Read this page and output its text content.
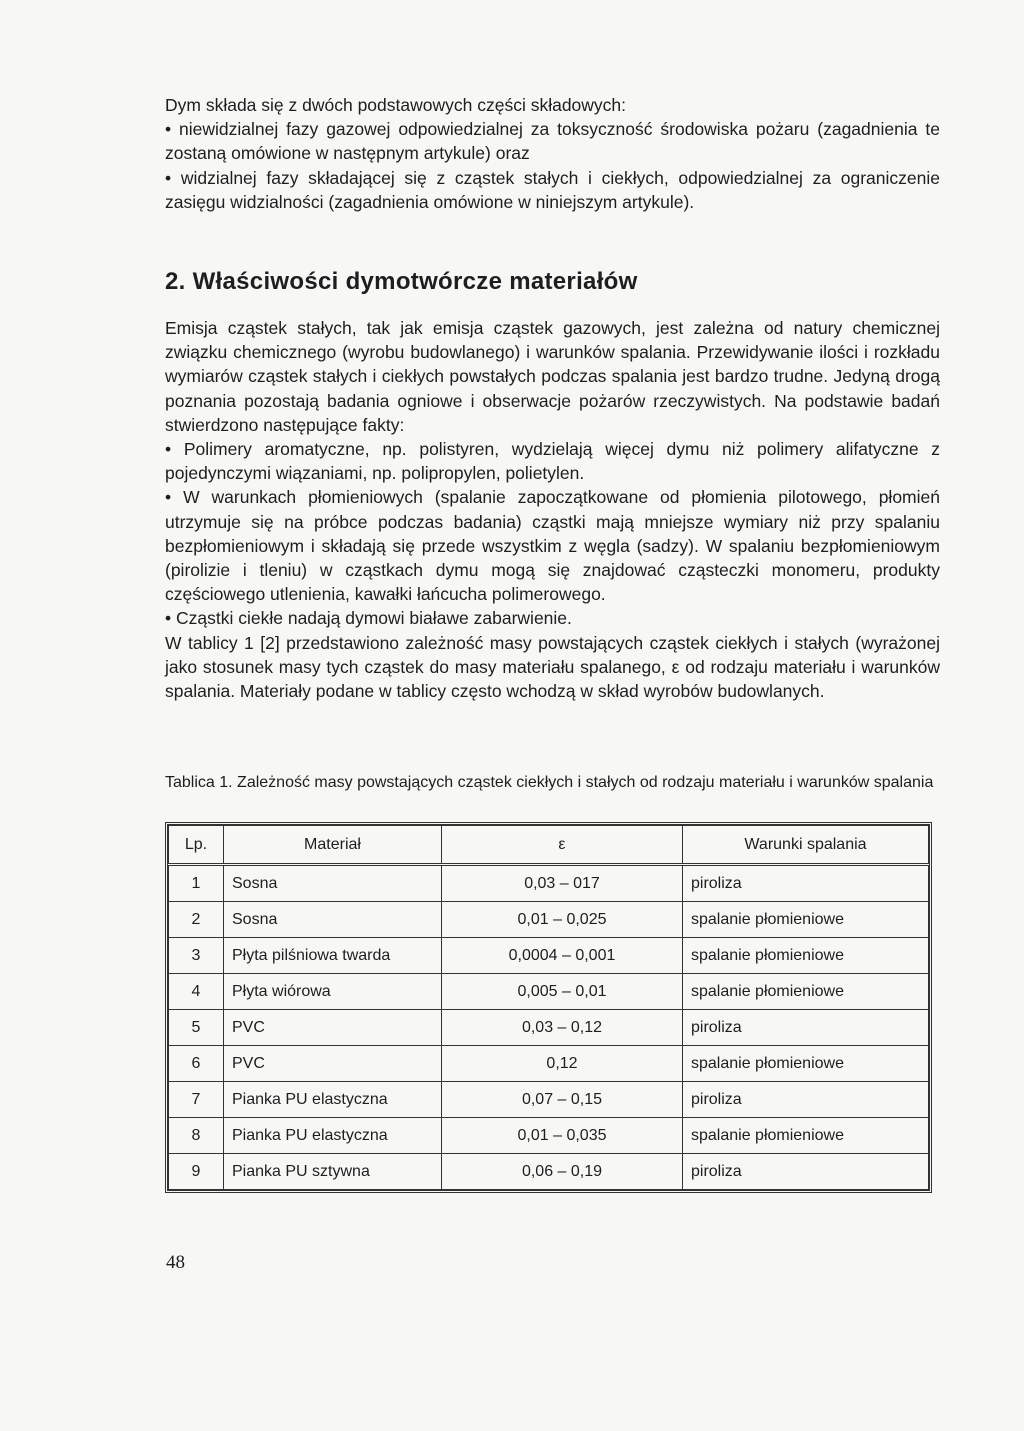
Dym składa się z dwóch podstawowych części składowych:

• niewidzialnej fazy gazowej odpowiedzialnej za toksyczność środowiska pożaru (zagadnienia te zostaną omówione w następnym artykule) oraz

• widzialnej fazy składającej się z cząstek stałych i ciekłych, odpowiedzialnej za ograniczenie zasięgu widzialności (zagadnienia omówione w niniejszym artykule).

2. Właściwości dymotwórcze materiałów

Emisja cząstek stałych, tak jak emisja cząstek gazowych, jest zależna od natury chemicznej związku chemicznego (wyrobu budowlanego) i warunków spalania. Przewidywanie ilości i rozkładu wymiarów cząstek stałych i ciekłych powstałych podczas spalania jest bardzo trudne. Jedyną drogą poznania pozostają badania ogniowe i obserwacje pożarów rzeczywistych. Na podstawie badań stwierdzono następujące fakty:

• Polimery aromatyczne, np. polistyren, wydzielają więcej dymu niż polimery alifatyczne z pojedynczymi wiązaniami, np. polipropylen, polietylen.

• W warunkach płomieniowych (spalanie zapoczątkowane od płomienia pilotowego, płomień utrzymuje się na próbce podczas badania) cząstki mają mniejsze wymiary niż przy spalaniu bezpłomieniowym i składają się przede wszystkim z węgla (sadzy). W spalaniu bezpłomieniowym (pirolizie i tleniu) w cząstkach dymu mogą się znajdować cząsteczki monomeru, produkty częściowego utlenienia, kawałki łańcucha polimerowego.

• Cząstki ciekłe nadają dymowi białawe zabarwienie.

W tablicy 1 [2] przedstawiono zależność masy powstających cząstek ciekłych i stałych (wyrażonej jako stosunek masy tych cząstek do masy materiału spalanego, ε od rodzaju materiału i warunków spalania. Materiały podane w tablicy często wchodzą w skład wyrobów budowlanych.

Tablica 1. Zależność masy powstających cząstek ciekłych i stałych od rodzaju materiału i warunków spalania

Lp.	Materiał	ε	Warunki spalania
1	Sosna	0,03 – 017	piroliza
2	Sosna	0,01 – 0,025	spalanie płomieniowe
3	Płyta pilśniowa twarda	0,0004 – 0,001	spalanie płomieniowe
4	Płyta wiórowa	0,005 – 0,01	spalanie płomieniowe
5	PVC	0,03 – 0,12	piroliza
6	PVC	0,12	spalanie płomieniowe
7	Pianka PU elastyczna	0,07 – 0,15	piroliza
8	Pianka PU elastyczna	0,01 – 0,035	spalanie płomieniowe
9	Pianka PU sztywna	0,06 – 0,19	piroliza
48
